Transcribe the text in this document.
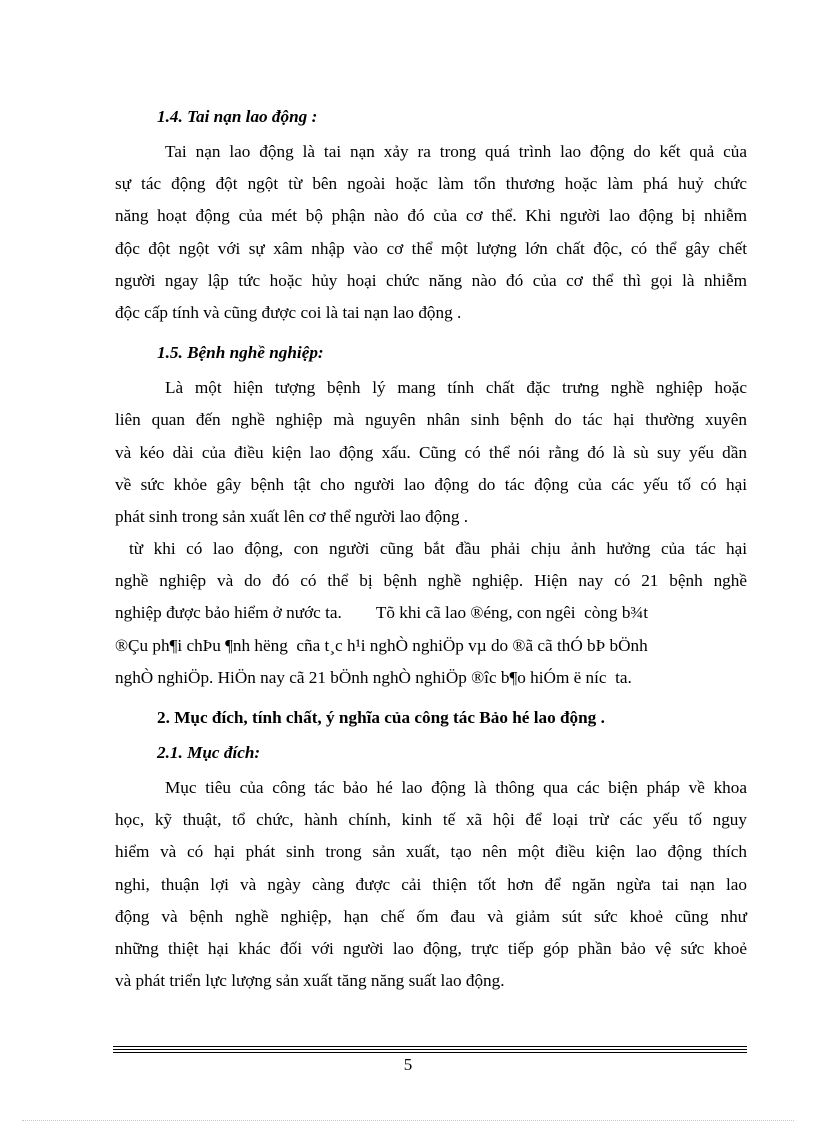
1.4. Tai nạn lao động :
Tai nạn lao động là tai nạn xảy ra trong quá trình lao động do kết quả của
sự tác động đột ngột từ bên ngoài hoặc làm tổn thương hoặc làm phá huỷ chức
năng hoạt động của mét bộ phận nào đó của cơ thể. Khi người lao động bị nhiễm
độc đột ngột với sự xâm nhập vào cơ thể một lượng lớn chất độc, có thể gây chết
người ngay lập tức hoặc hủy hoại chức năng nào đó của cơ thể thì gọi là nhiễm
độc cấp tính và cũng được coi là tai nạn lao động .
1.5. Bệnh nghề nghiệp:
Là một hiện tượng bệnh lý mang tính chất đặc trưng nghề nghiệp hoặc
liên quan đến nghề nghiệp mà nguyên nhân sinh bệnh do tác hại thường xuyên
và kéo dài của điều kiện lao động xấu. Cũng có thể nói rằng đó là sù suy yếu dần
về sức khỏe gây bệnh tật cho người lao động do tác động của các yếu tố có hại
phát sinh trong sản xuất lên cơ thể người lao động .
từ khi có lao động, con người cũng bắt đầu phải chịu ảnh hưởng của tác hại
nghề nghiệp và do đó có thể bị bệnh nghề nghiệp. Hiện nay có 21 bệnh nghề
nghiệp được bảo hiểm ở nước ta.        Tõ khi cã lao ®éng, con ngêi  còng b¾t
®Çu ph¶i chÞu ¶nh hëng  cña t¸c h¹i nghÒ nghiÖp vµ do ®ã cã thÓ bÞ bÖnh
nghÒ nghiÖp. HiÖn nay cã 21 bÖnh nghÒ nghiÖp ®îc b¶o hiÓm ë níc  ta.
2. Mục đích, tính chất, ý nghĩa của công tác Bảo hé lao động .
2.1. Mục đích:
Mục tiêu của công tác bảo hé lao động là thông qua các biện pháp về khoa
học, kỹ thuật, tổ chức, hành chính, kinh tế xã hội để loại trừ các yếu tố nguy
hiểm và có hại phát sinh trong sản xuất, tạo nên một điều kiện lao động thích
nghi, thuận lợi và ngày càng được cải thiện tốt hơn để ngăn ngừa tai nạn lao
động và bệnh nghề nghiệp, hạn chế ốm đau và giảm sút sức khoẻ cũng như
những thiệt hại khác đối với người lao động, trực tiếp góp phần bảo vệ sức khoẻ
và phát triển lực lượng sản xuất tăng năng suất lao động.
5
